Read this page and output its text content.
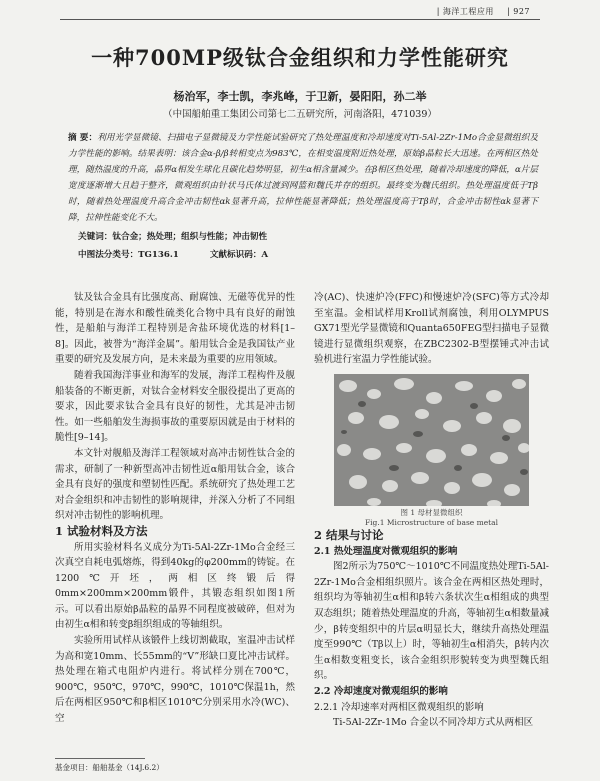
| 海洋工程应用 | 927
一种700MP级钛合金组织和力学性能研究
杨治军，李士凯，李兆峰，于卫新，晏阳阳，孙二举
（中国船舶重工集团公司第七二五研究所，河南洛阳，471039）
摘 要：利用光学显微镜、扫描电子显微镜及力学性能试验研究了热处理温度和冷却速度对Ti-5Al-2Zr-1Mo合金显微组织及力学性能的影响。结果表明：该合金α-β/β转相变点为983℃，在相变温度附近热处理，原始β晶粒长大迅速。在两相区热处理，随热温度的升高，晶界α相发生球化且碳化趋势明显，初生α相含量减少。在β相区热处理，随着冷却速度的降低，α片层宽度逐渐增大且趋于整齐，微观组织由针状马氏体过渡到网篮和魏氏并存的组织。最终变为魏氏组织。热处理温度低于Tβ时，随着热处理温度升高合金冲击韧性αk显著升高，拉伸性能显著降低；热处理温度高于Tβ时，合金冲击韧性αk显著下降，拉伸性能变化不大。
关键词：钛合金；热处理；组织与性能；冲击韧性
中图法分类号：TG136.1	文献标识码：A

钛及钛合金具有比强度高、耐腐蚀、无磁等优异的性能，特别是在海水和酸性硫类化合物中具有良好的耐蚀性，是船舶与海洋工程特别是舍盐环境优选的材料[1–8]。因此，被誉为“海洋金属”。船用钛合金是我国钛产业重要的研究及发展方向，是未来最为重要的应用领域。

随着我国海洋事业和海军的发展，海洋工程构件及舰船装备的不断更新，对钛合金材料安全服役提出了更高的要求，因此要求钛合金具有良好的韧性，尤其是冲击韧性。如一些船舶发生海损事故的重要原因就是由于材料的脆性[9–14]。

本文针对舰船及海洋工程领域对高冲击韧性钛合金的需求，研制了一种新型高冲击韧性近α船用钛合金，该合金具有良好的强度和塑韧性匹配。系统研究了热处理工艺对合金组织和冲击韧性的影响规律，并深入分析了不同组织对冲击韧性的影响机理。

1 试验材料及方法

所用实验材料名义成分为Ti-5Al-2Zr-1Mo合金经三次真空自耗电弧熔炼，得到40kg的φ200mm的铸锭。在1200℃开坯，两相区终锻后得0mm×200mm×200mm锻件，其锻态组织如图1所示。可以看出原始β晶粒的晶界不同程度被破碎，但对为由初生α相和转变β组织组成的等轴组织。

实验所用试样从该锻件上线切割截取，室温冲击试样为高和宽10mm、长55mm的“V”形缺口夏比冲击试样。热处理在箱式电阻炉内进行。将试样分别在700℃，900℃，950℃，970℃，990℃，1010℃保温1h，然后在两相区950℃和β相区1010℃分别采用水冷(WC)、空

冷(AC)、快速炉冷(FFC)和慢速炉冷(SFC)等方式冷却至室温。金相试样用Kroll试剂腐蚀，利用OLYMPUS GX71型光学显微镜和Quanta650FEG型扫描电子显微镜进行显微组织观察，在ZBC2302-B型摆锤式冲击试验机进行室温力学性能试验。

图 1 母材显微组织
Fig.1 Microstructure of base metal

2 结果与讨论

2.1 热处理温度对微观组织的影响

图2所示为750℃～1010℃不同温度热处理Ti-5Al-2Zr-1Mo合金相组织照片。该合金在两相区热处理时，组织均为等轴初生α相和β转六条状次生α相组成的典型双态组织；随着热处理温度的升高，等轴初生α相数量减少，β转变组织中的片层α明显长大，继续升高热处理温度至990℃（Tβ以上）时，等轴初生α相消失，β转内次生α相数变粗变长，该合金组织形貌转变为典型魏氏组织。

2.2 冷却速度对微观组织的影响

2.2.1 冷却速率对两相区微观组织的影响

Ti-5Al-2Zr-1Mo 合金以不同冷却方式从两相区

基金项目：船舶基金（14J.6.2）
